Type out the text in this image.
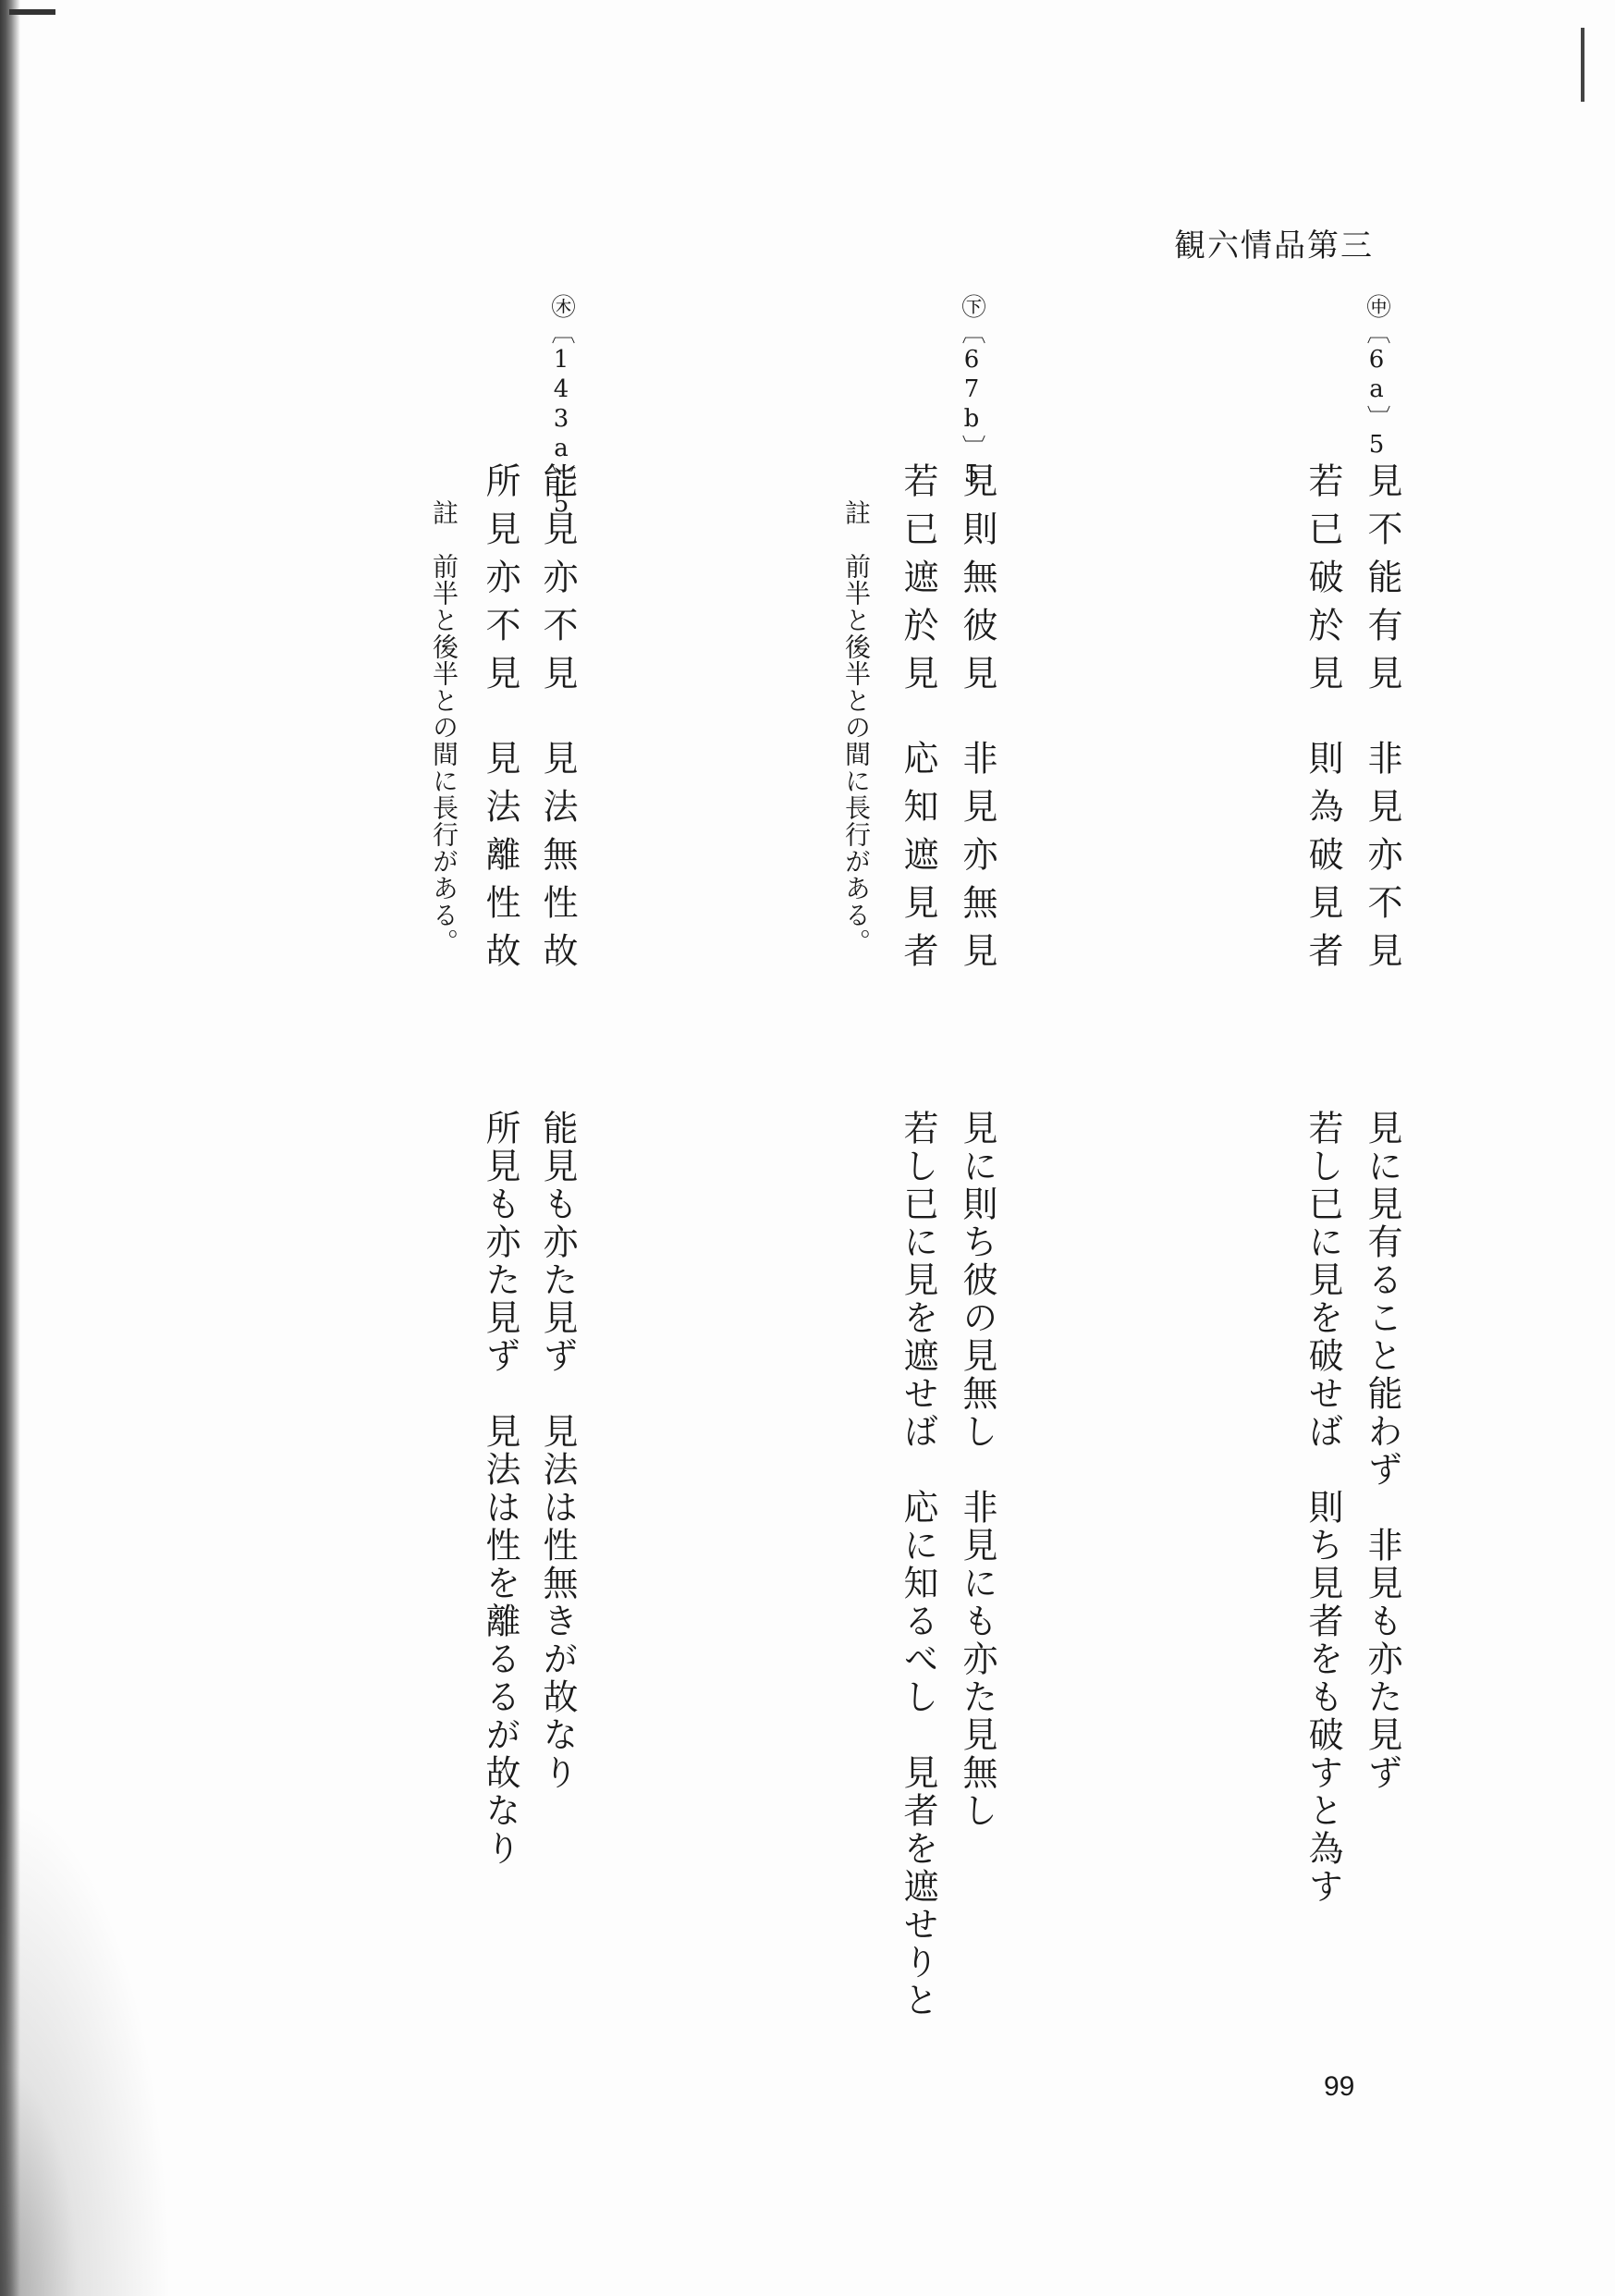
観六情品第三
㊥〔6a〕5
見不能有見非見亦不見
若已破於見則為破見者
見に見有ること能わず　非見も亦た見ず
若し已に見を破せば　則ち見者をも破すと為す
㊦〔67b〕5
見則無彼見非見亦無見
若已遮於見応知遮見者
註　前半と後半との間に長行がある。
見に則ち彼の見無し　非見にも亦た見無し
若し已に見を遮せば　応に知るべし　見者を遮せりと
㊍〔143a〕5
能見亦不見見法無性故
所見亦不見見法離性故
註　前半と後半との間に長行がある。
能見も亦た見ず　見法は性無きが故なり
所見も亦た見ず　見法は性を離るるが故なり
99
